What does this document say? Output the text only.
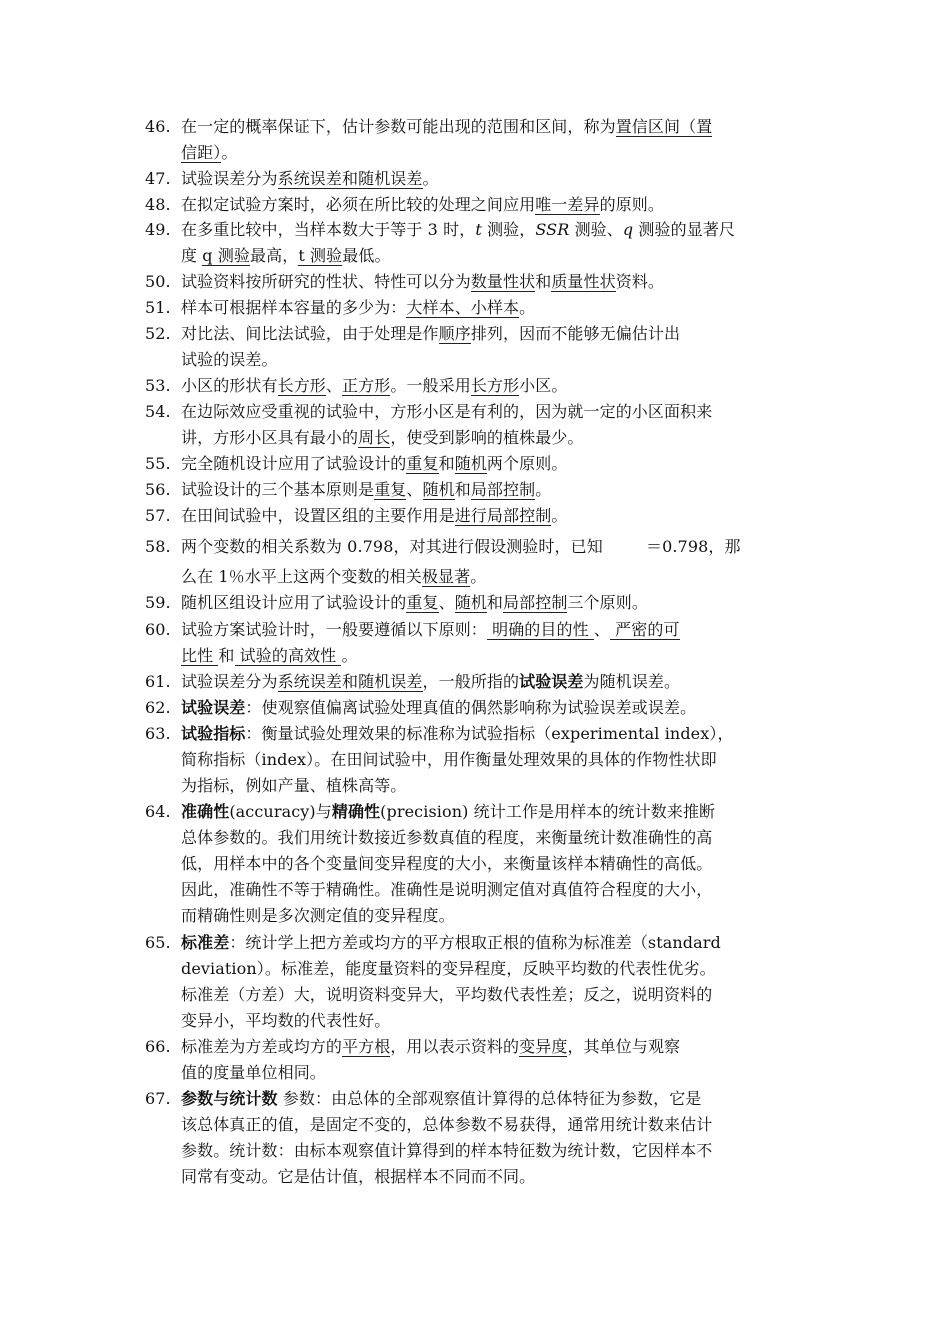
46. 在一定的概率保证下，估计参数可能出现的范围和区间，称为置信区间（置
信距）。
47. 试验误差分为系统误差和随机误差。
48. 在拟定试验方案时，必须在所比较的处理之间应用唯一差异的原则。
49. 在多重比较中，当样本数大于等于 3 时，t 测验，SSR 测验、q 测验的显著尺
度 q 测验最高，t 测验最低。
50. 试验资料按所研究的性状、特性可以分为数量性状和质量性状资料。
51. 样本可根据样本容量的多少为：大样本、小样本。
52. 对比法、间比法试验，由于处理是作顺序排列，因而不能够无偏估计出
试验的误差。
53. 小区的形状有长方形、正方形。一般采用长方形小区。
54. 在边际效应受重视的试验中，方形小区是有利的，因为就一定的小区面积来
讲，方形小区具有最小的周长，使受到影响的植株最少。
55. 完全随机设计应用了试验设计的重复和随机两个原则。
56. 试验设计的三个基本原则是重复、随机和局部控制。
57. 在田间试验中，设置区组的主要作用是进行局部控制。
58. 两个变数的相关系数为 0.798，对其进行假设测验时，已知 ＝0.798，那
么在 1％水平上这两个变数的相关极显著。
59. 随机区组设计应用了试验设计的重复、随机和局部控制三个原则。
60. 试验方案试验计时，一般要遵循以下原则： 明确的目的性 、 严密的可
比性 和 试验的高效性 。
61. 试验误差分为系统误差和随机误差，一般所指的试验误差为随机误差。
62. 试验误差：使观察值偏离试验处理真值的偶然影响称为试验误差或误差。
63. 试验指标：衡量试验处理效果的标准称为试验指标（experimental index），
简称指标（index）。在田间试验中，用作衡量处理效果的具体的作物性状即
为指标，例如产量、植株高等。
64. 准确性(accuracy)与精确性(precision) 统计工作是用样本的统计数来推断
总体参数的。我们用统计数接近参数真值的程度，来衡量统计数准确性的高
低，用样本中的各个变量间变异程度的大小，来衡量该样本精确性的高低。
因此，准确性不等于精确性。准确性是说明测定值对真值符合程度的大小，
而精确性则是多次测定值的变异程度。
65. 标准差：统计学上把方差或均方的平方根取正根的值称为标准差（standard
deviation）。标准差，能度量资料的变异程度，反映平均数的代表性优劣。
标准差（方差）大，说明资料变异大，平均数代表性差；反之，说明资料的
变异小，平均数的代表性好。
66. 标准差为方差或均方的平方根，用以表示资料的变异度，其单位与观察
值的度量单位相同。
67. 参数与统计数 参数：由总体的全部观察值计算得的总体特征为参数，它是
该总体真正的值，是固定不变的，总体参数不易获得，通常用统计数来估计
参数。统计数：由标本观察值计算得到的样本特征数为统计数，它因样本不
同常有变动。它是估计值，根据样本不同而不同。
